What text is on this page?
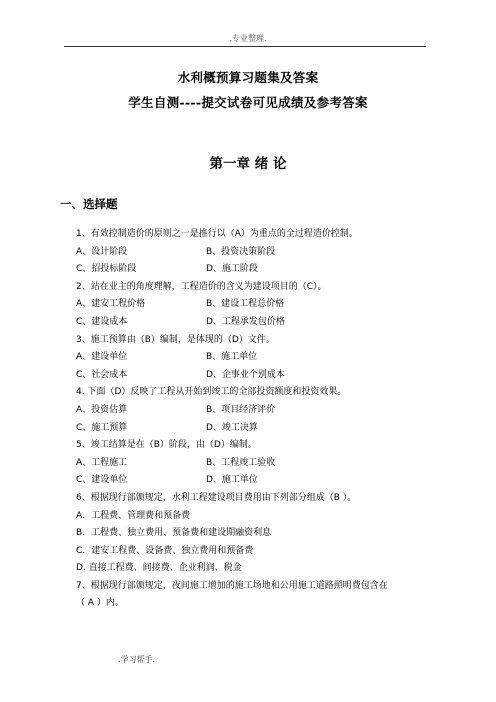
.专业整理.
水利概预算习题集及答案
学生自测----提交试卷可见成绩及参考答案
第一章 绪 论
一、选择题
1、有效控制造价的原则之一是推行以（A）为重点的全过程造价控制。
A、设计阶段	B、投资决策阶段
C、招投标阶段	D、施工阶段
2、站在业主的角度理解，工程造价的含义为建设项目的（C）。
A、建安工程价格	B、建设工程总价格
C、建设成本	D、工程承发包价格
3、施工预算由（B）编制，是体现的（D）文件。
A、建设单位	B、施工单位
C、社会成本	D、企事业个别成本
4. 下面（D）反映了工程从开始到竣工的全部投资额度和投资效果。
A、投资估算	B、项目经济评价
C、施工预算	D、竣工决算
5、竣工结算是在（B）阶段，由（D）编制。
A、工程施工	B、工程竣工验收
C、建设单位	D、施工单位
6、根据现行部颁规定，水利工程建设项目费用由下列部分组成（B ）。
A．工程费、管理费和预备费
B．工程费、独立费用、预备费和建设期融资利息
C．建安工程费、设备费、独立费用和预备费
D. 直接工程费、间接费、企业利润、税金
7、根据现行部颁规定，夜间施工增加的施工场地和公用施工道路照明费包含在
（ A ）内。
.学习帮手.
